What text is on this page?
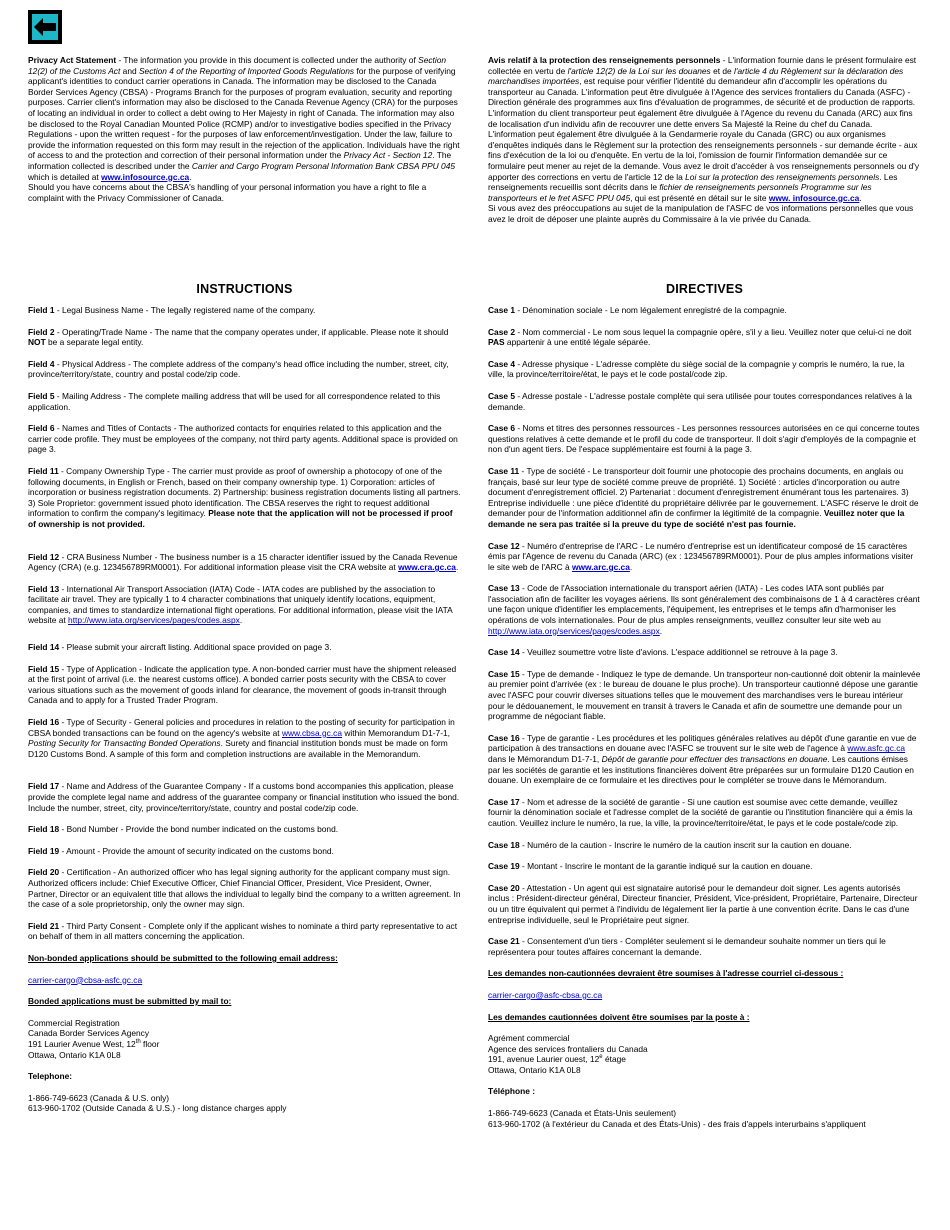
Privacy Act Statement - The information you provide in this document is collected under the authority of Section 12(2) of the Customs Act and Section 4 of the Reporting of Imported Goods Regulations for the purpose of verifying applicant's identities to conduct carrier operations in Canada. The information may be disclosed to the Canada Border Services Agency (CBSA) - Programs Branch for the purposes of program evaluation, security and reporting purposes. Carrier client's information may also be disclosed to the Canada Revenue Agency (CRA) for the purposes of locating an individual in order to collect a debt owing to Her Majesty in right of Canada. The information may also be disclosed to the Royal Canadian Mounted Police (RCMP) and/or to investigative bodies specified in the Privacy Regulations - upon the written request - for the purposes of law enforcement/investigation. Under the law, failure to provide the information requested on this form may result in the rejection of the application. Individuals have the right of access to and the protection and correction of their personal information under the Privacy Act - Section 12. The information collected is described under the Carrier and Cargo Program Personal Information Bank CBSA PPU 045 which is detailed at www.infosource.gc.ca.

Should you have concerns about the CBSA's handling of your personal information you have a right to file a complaint with the Privacy Commissioner of Canada.

Avis relatif à la protection des renseignements personnels - L'information fournie dans le présent formulaire est collectée en vertu de l'article 12(2) de la Loi sur les douanes et de l'article 4 du Règlement sur la déclaration des marchandises importées, est requise pour vérifier l'identité du demandeur afin d'accomplir les opérations du transporteur au Canada. L'information peut être divulguée à l'Agence des services frontaliers du Canada (ASFC) - Direction générale des programmes aux fins d'évaluation de programmes, de sécurité et de production de rapports. L'information du client transporteur peut également être divulguée à l'Agence du revenu du Canada (ARC) aux fins de localisation d'un individu afin de recouvrer une dette envers Sa Majesté la Reine du chef du Canada. L'information peut également être divulguée à la Gendarmerie royale du Canada (GRC) ou aux organismes d'enquêtes indiqués dans le Règlement sur la protection des renseignements personnels - sur demande écrite - aux fins d'exécution de la loi ou d'enquête. En vertu de la loi, l'omission de fournir l'information demandée sur ce formulaire peut mener au rejet de la demande. Vous avez le droit d'accéder à vos renseignements personnels ou d'y apporter des corrections en vertu de l'article 12 de la Loi sur la protection des renseignements personnels. Les renseignements recueillis sont décrits dans le fichier de renseignements personnels Programme sur les transporteurs et le fret ASFC PPU 045, qui est présenté en détail sur le site www. infosource.gc.ca.

Si vous avez des préoccupations au sujet de la manipulation de l'ASFC de vos informations personnelles que vous avez le droit de déposer une plainte auprès du Commissaire à la vie privée du Canada.

INSTRUCTIONS	DIRECTIVES

Field 1 - Legal Business Name - The legally registered name of the company.

Field 2 - Operating/Trade Name - The name that the company operates under, if applicable. Please note it should NOT be a separate legal entity.

Field 4 - Physical Address - The complete address of the company's head office including the number, street, city, province/territory/state, country and postal code/zip code.

Field 5 - Mailing Address - The complete mailing address that will be used for all correspondence related to this application.

Field 6 - Names and Titles of Contacts - The authorized contacts for enquiries related to this application and the carrier code profile. They must be employees of the company, not third party agents. Additional space is provided on page 3.

Field 11 - Company Ownership Type - The carrier must provide as proof of ownership a photocopy of one of the following documents, in English or French, based on their company ownership type. 1) Corporation: articles of incorporation or business registration documents. 2) Partnership: business registration documents listing all partners. 3) Sole Proprietor: government issued photo identification. The CBSA reserves the right to request additional information to confirm the company's legitimacy. Please note that the application will not be processed if proof of ownership is not provided.

Field 12 - CRA Business Number - The business number is a 15 character identifier issued by the Canada Revenue Agency (CRA) (e.g. 123456789RM0001). For additional information please visit the CRA website at www.cra.gc.ca.

Field 13 - International Air Transport Association (IATA) Code - IATA codes are published by the association to facilitate air travel. They are typically 1 to 4 character combinations that uniquely identify locations, equipment, companies, and times to standardize international flight operations. For additional information, please visit the IATA website at http://www.iata.org/services/pages/codes.aspx.

Field 14 - Please submit your aircraft listing. Additional space provided on page 3.

Field 15 - Type of Application - Indicate the application type. A non-bonded carrier must have the shipment released at the first point of arrival (i.e. the nearest customs office). A bonded carrier posts security with the CBSA to cover various situations such as the movement of goods inland for clearance, the movement of goods in-transit through Canada and to apply for a Trusted Trader Program.

Field 16 - Type of Security - General policies and procedures in relation to the posting of security for participation in CBSA bonded transactions can be found on the agency's website at www.cbsa.gc.ca within Memorandum D1-7-1, Posting Security for Transacting Bonded Operations. Surety and financial institution bonds must be made on form D120 Customs Bond. A sample of this form and completion instructions are available in the Memorandum.

Field 17 - Name and Address of the Guarantee Company - If a customs bond accompanies this application, please provide the complete legal name and address of the guarantee company or financial institution who issued the bond. Include the number, street, city, province/territory/state, country and postal code/zip code.

Field 18 - Bond Number - Provide the bond number indicated on the customs bond.

Field 19 - Amount - Provide the amount of security indicated on the customs bond.

Field 20 - Certification - An authorized officer who has legal signing authority for the applicant company must sign. Authorized officers include: Chief Executive Officer, Chief Financial Officer, President, Vice President, Owner, Partner, Director or an equivalent title that allows the individual to legally bind the company to a written agreement. In the case of a sole proprietorship, only the owner may sign.

Field 21 - Third Party Consent - Complete only if the applicant wishes to nominate a third party representative to act on behalf of them in all matters concerning the application.

Non-bonded applications should be submitted to the following email address:

carrier-cargo@cbsa-asfc.gc.ca

Bonded applications must be submitted by mail to:

Commercial Registration

Canada Border Services Agency

191 Laurier Avenue West, 12th floor

Ottawa, Ontario K1A 0L8

Telephone:

1-866-749-6623 (Canada & U.S. only)

613-960-1702 (Outside Canada & U.S.) - long distance charges apply

Case 1 - Dénomination sociale - Le nom légalement enregistré de la compagnie.

Case 2 - Nom commercial - Le nom sous lequel la compagnie opère, s'il y a lieu. Veuillez noter que celui-ci ne doit PAS appartenir à une entité légale séparée.

Case 4 - Adresse physique - L'adresse complète du siège social de la compagnie y compris le numéro, la rue, la ville, la province/territoire/état, le pays et le code postal/code zip.

Case 5 - Adresse postale - L'adresse postale complète qui sera utilisée pour toutes correspondances relatives à la demande.

Case 6 - Noms et titres des personnes ressources - Les personnes ressources autorisées en ce qui concerne toutes questions relatives à cette demande et le profil du code de transporteur. Il doit s'agir d'employés de la compagnie et non d'un agent tiers. De l'espace supplémentaire est fourni à la page 3.

Case 11 - Type de société - Le transporteur doit fournir une photocopie des prochains documents, en anglais ou français, basé sur leur type de société comme preuve de propriété. 1) Société : articles d'incorporation ou autre document d'enregistrement officiel. 2) Partenariat : document d'enregistrement énumérant tous les partenaires. 3) Entreprise individuelle : une pièce d'identité du propriétaire délivrée par le gouvernement. L'ASFC réserve le droit de demander pour de l'information additionnel afin de confirmer la légitimité de la compagnie. Veuillez noter que la demande ne sera pas traitée si la preuve du type de société n'est pas fournie.

Case 12 - Numéro d'entreprise de l'ARC - Le numéro d'entreprise est un identificateur composé de 15 caractères émis par l'Agence de revenu du Canada (ARC) (ex : 123456789RM0001). Pour de plus amples informations visiter le site web de l'ARC à www.arc.gc.ca.

Case 13 - Code de l'Association internationale du transport aérien (IATA) - Les codes IATA sont publiés par l'association afin de faciliter les voyages aériens. Ils sont généralement des combinaisons de 1 à 4 caractères créant une façon unique d'identifier les emplacements, l'équipement, les entreprises et le temps afin d'harmoniser les opérations de vols internationales. Pour de plus amples renseignments, veuillez consulter leur site web au http://www.iata.org/services/pages/codes.aspx.

Case 14 - Veuillez soumettre votre liste d'avions. L'espace additionnel se retrouve à la page 3.

Case 15 - Type de demande - Indiquez le type de demande. Un transporteur non-cautionné doit obtenir la mainlevée au premier point d'arrivée (ex : le bureau de douane le plus proche). Un transporteur cautionné dépose une garantie avec l'ASFC pour couvrir diverses situations telles que le mouvement des marchandises vers le bureau intérieur pour le dédouanement, le mouvement en transit à travers le Canada et afin de soumettre une demande pour un programme de négociant fiable.

Case 16 - Type de garantie - Les procédures et les politiques générales relatives au dépôt d'une garantie en vue de participation à des transactions en douane avec l'ASFC se trouvent sur le site web de l'agence à www.asfc.gc.ca dans le Mémorandum D1-7-1, Dépôt de garantie pour effectuer des transactions en douane. Les cautions émises par les sociétés de garantie et les institutions financières doivent être préparées sur un formulaire D120 Caution en douane. Un exemplaire de ce formulaire et les directives pour le compléter se trouve dans le Mémorandum.

Case 17 - Nom et adresse de la société de garantie - Si une caution est soumise avec cette demande, veuillez fournir la dénomination sociale et l'adresse complet de la société de garantie ou l'institution financière qui a émis la caution. Veuillez inclure le numéro, la rue, la ville, la province/territoire/état, le pays et le code postale/code zip.

Case 18 - Numéro de la caution - Inscrire le numéro de la caution inscrit sur la caution en douane.

Case 19 - Montant - Inscrire le montant de la garantie indiqué sur la caution en douane.

Case 20 - Attestation - Un agent qui est signataire autorisé pour le demandeur doit signer. Les agents autorisés inclus : Président-directeur général, Directeur financier, Président, Vice-président, Propriétaire, Partenaire, Directeur ou un titre équivalent qui permet à l'individu de légalement lier la partie à une convention écrite. Dans le cas d'une entreprise individuelle, seul le Propriétaire peut signer.

Case 21 - Consentement d'un tiers - Compléter seulement si le demandeur souhaite nommer un tiers qui le représentera pour toutes affaires concernant la demande.

Les demandes non-cautionnées devraient être soumises à l'adresse courriel ci-dessous :

carrier-cargo@asfc-cbsa.gc.ca

Les demandes cautionnées doivent être soumises par la poste à :

Agrément commercial

Agence des services frontaliers du Canada

191, avenue Laurier ouest, 12e étage

Ottawa, Ontario K1A 0L8

Téléphone :

1-866-749-6623 (Canada et États-Unis seulement)

613-960-1702 (à l'extérieur du Canada et des États-Unis) - des frais d'appels interurbains s'appliquent
